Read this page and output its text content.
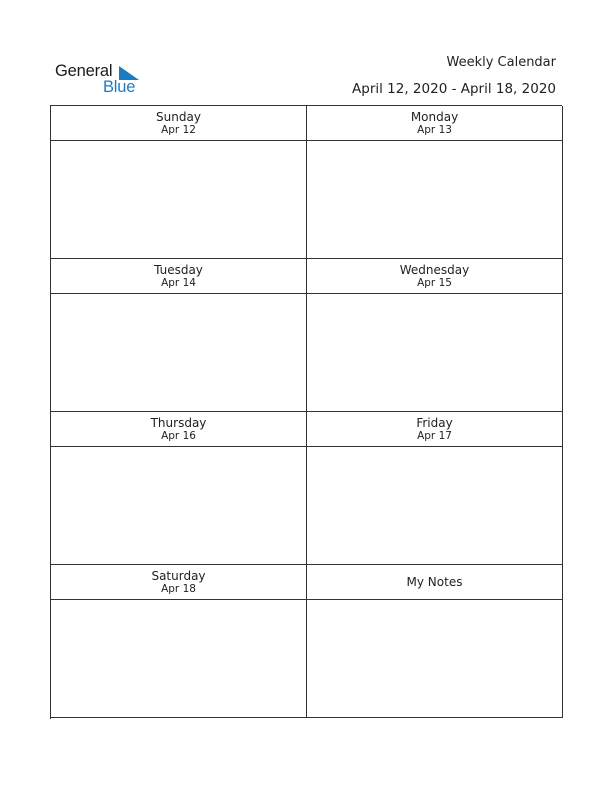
General
Blue
Weekly Calendar
April 12, 2020 - April 18, 2020
Sunday
Apr 12
Monday
Apr 13
Tuesday
Apr 14
Wednesday
Apr 15
Thursday
Apr 16
Friday
Apr 17
Saturday
Apr 18	My Notes
